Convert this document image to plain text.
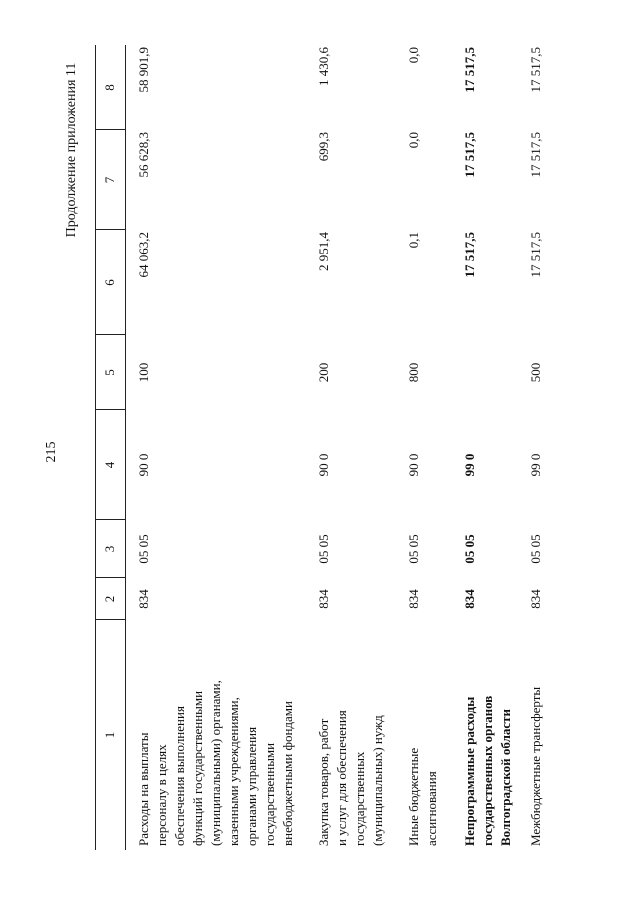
215
Продолжение приложения 11
1
2
3
4
5
6
7
8
Расходы на выплаты персоналу в целях обеспечения выполнения функций государственными (муниципальными) органами, казенными учреждениями, органами управления государственными внебюджетными фондами
834
05 05
90 0
100
64 063,2
56 628,3
58 901,9
Закупка товаров, работ и услуг для обеспечения государственных (муниципальных) нужд
834
05 05
90 0
200
2 951,4
699,3
1 430,6
Иные бюджетные ассигнования
834
05 05
90 0
800
0,1
0,0
0,0
Непрограммные расходы государственных органов Волгоградской области
834
05 05
99 0
17 517,5
17 517,5
17 517,5
Межбюджетные трансферты
834
05 05
99 0
500
17 517,5
17 517,5
17 517,5
